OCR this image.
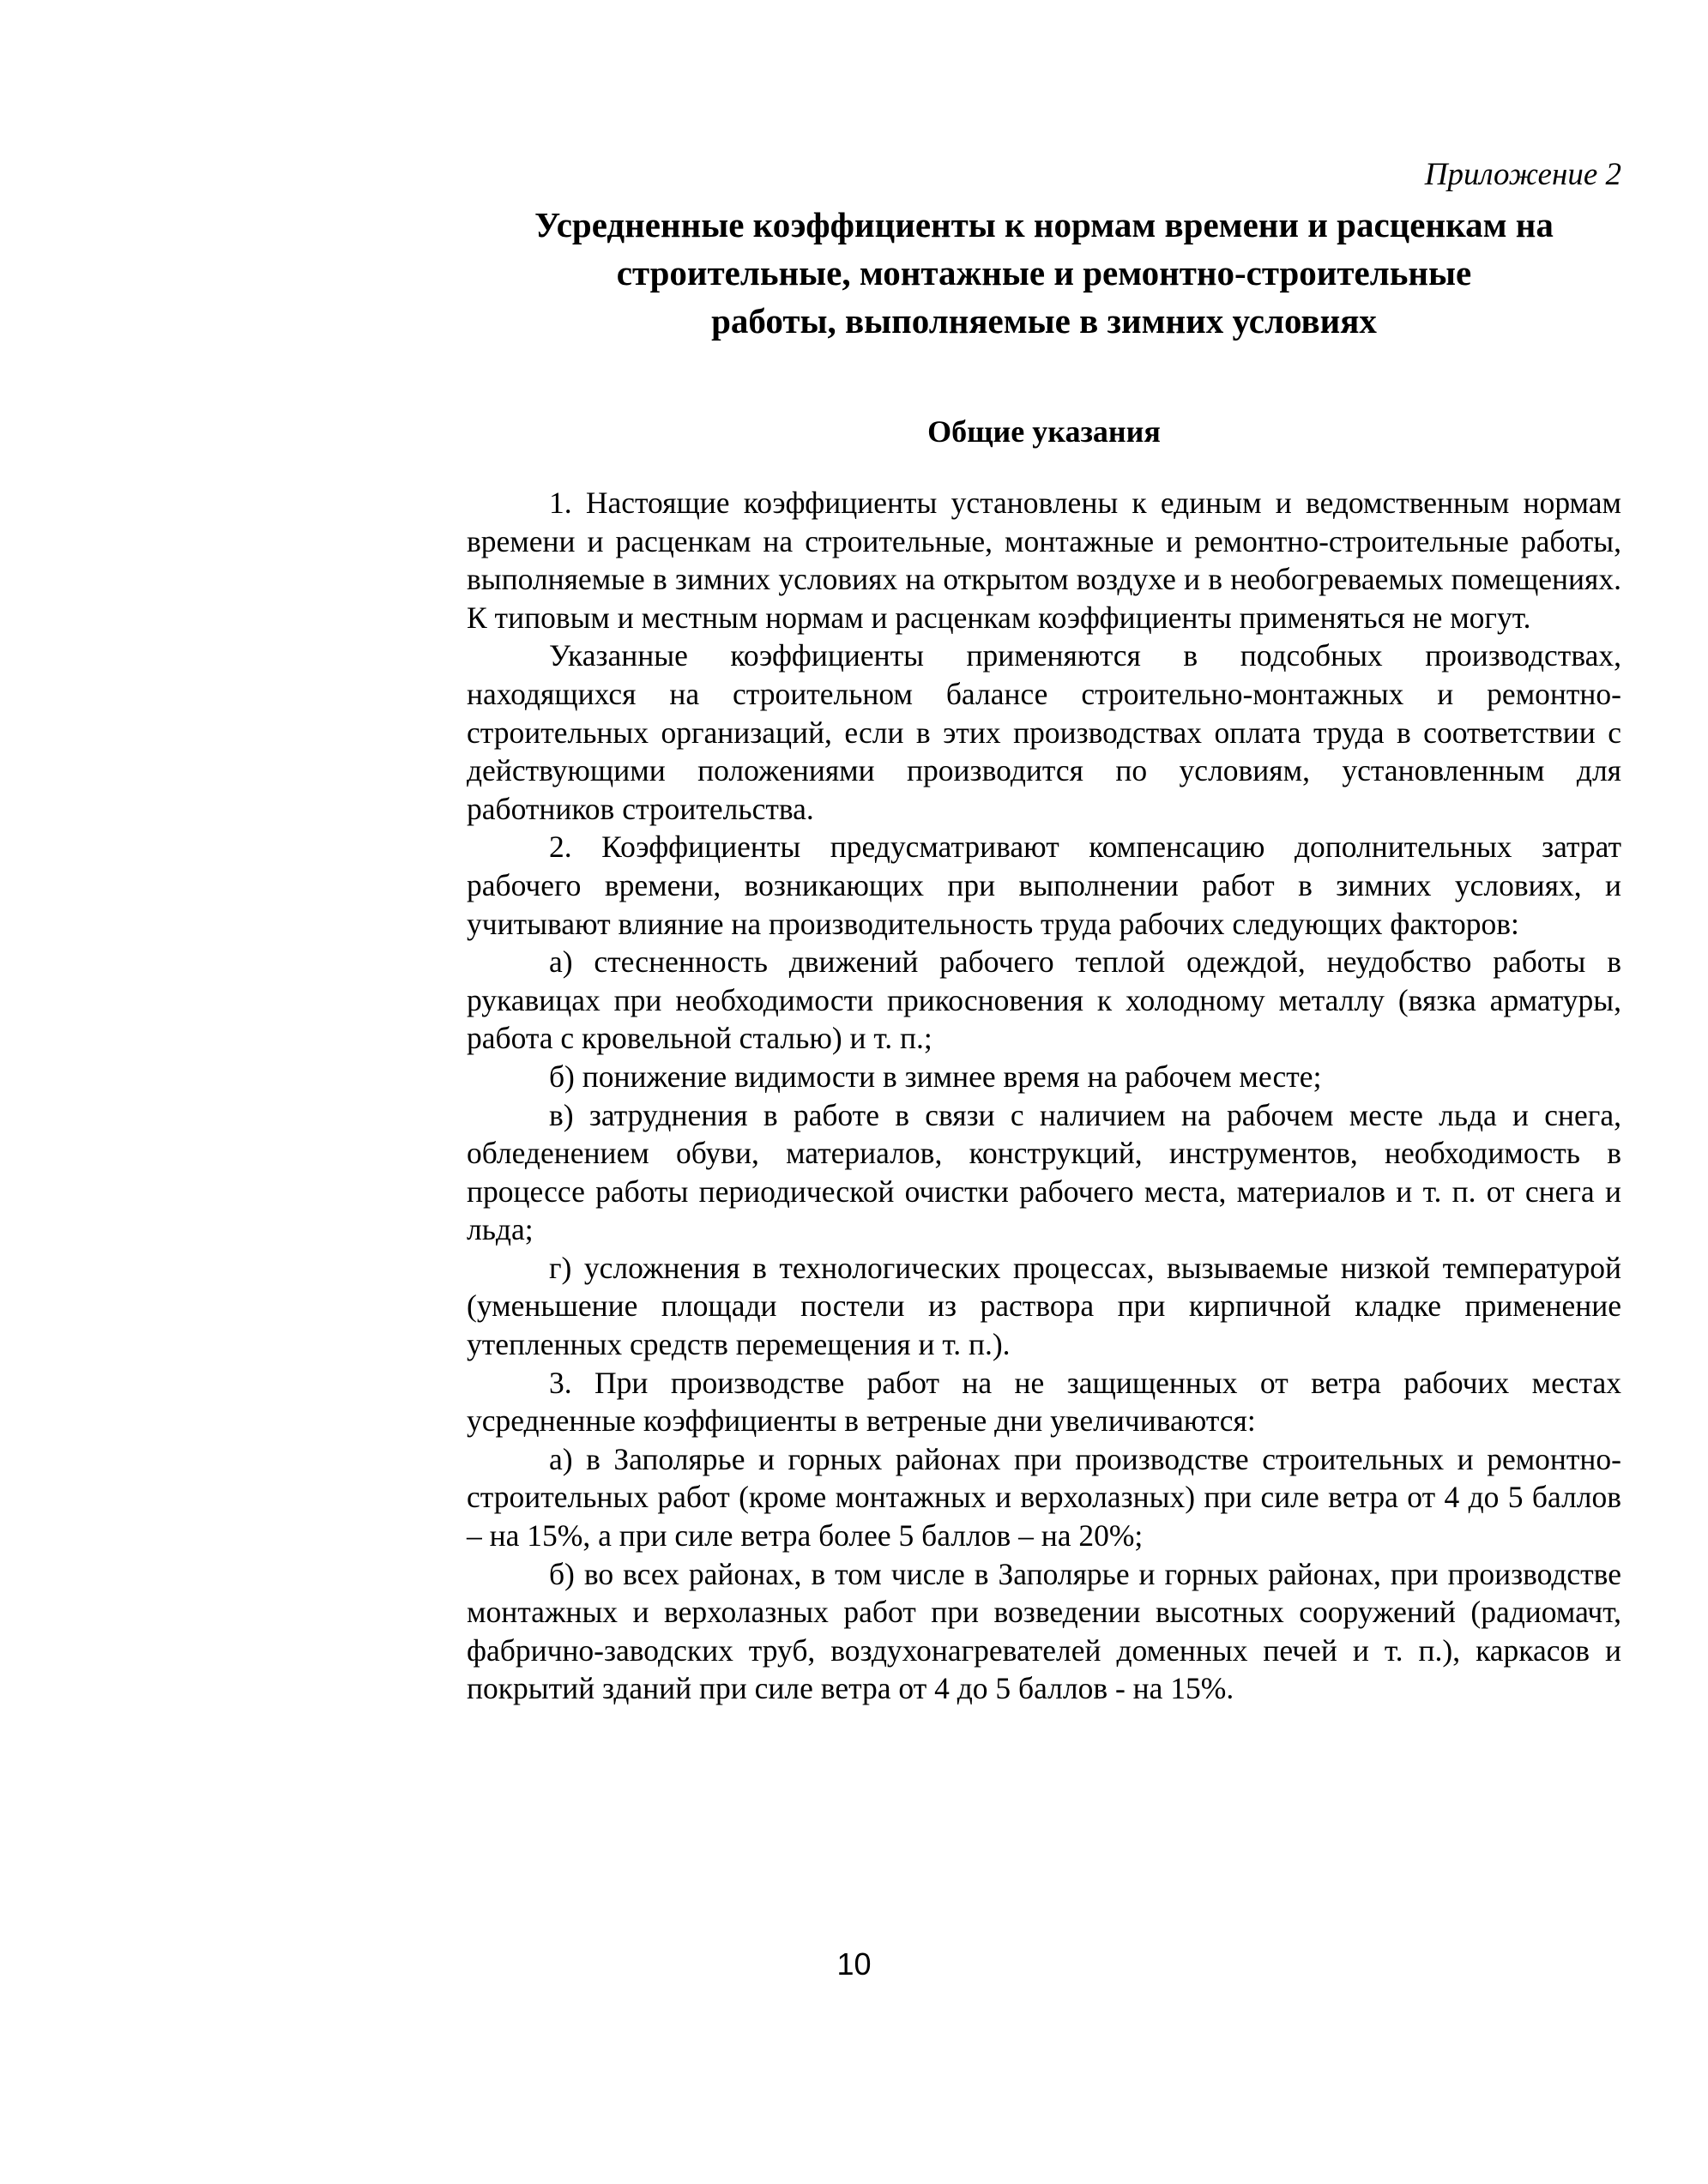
Приложение 2

Усредненные коэффициенты к нормам времени и расценкам на
строительные, монтажные и ремонтно-строительные
работы, выполняемые в зимних условиях
Общие указания

1. Настоящие коэффициенты установлены к единым и ведомственным нормам времени и расценкам на строительные, монтажные и ремонтно-строительные работы, выполняемые в зимних условиях на открытом воздухе и в необогреваемых помещениях. К типовым и местным нормам и расценкам коэффициенты применяться не могут.

Указанные коэффициенты применяются в подсобных производствах, находящихся на строительном балансе строительно-монтажных и ремонтно-строительных организаций, если в этих производствах оплата труда в соответствии с действующими положениями производится по условиям, установленным для работников строительства.

2. Коэффициенты предусматривают компенсацию дополнительных затрат рабочего времени, возникающих при выполнении работ в зимних условиях, и учитывают влияние на производительность труда рабочих следующих факторов:

а) стесненность движений рабочего теплой одеждой, неудобство работы в рукавицах при необходимости прикосновения к холодному металлу (вязка арматуры, работа с кровельной сталью) и т. п.;

б) понижение видимости в зимнее время на рабочем месте;

в) затруднения в работе в связи с наличием на рабочем месте льда и снега, обледенением обуви, материалов, конструкций, инструментов, необходимость в процессе работы периодической очистки рабочего места, материалов и т. п. от снега и льда;

г) усложнения в технологических процессах, вызываемые низкой температурой (уменьшение площади постели из раствора при кирпичной кладке применение утепленных средств перемещения и т. п.).

3. При производстве работ на не защищенных от ветра рабочих местах усредненные коэффициенты в ветреные дни увеличиваются:

а) в Заполярье и горных районах при производстве строительных и ремонтно-строительных работ (кроме монтажных и верхолазных) при силе ветра от 4 до 5 баллов – на 15%, а при силе ветра более 5 баллов – на 20%;

б) во всех районах, в том числе в Заполярье и горных районах, при производстве монтажных и верхолазных работ при возведении высотных сооружений (радиомачт, фабрично-заводских труб, воздухонагревателей доменных печей и т. п.), каркасов и покрытий зданий при силе ветра от 4 до 5 баллов - на 15%.

10
